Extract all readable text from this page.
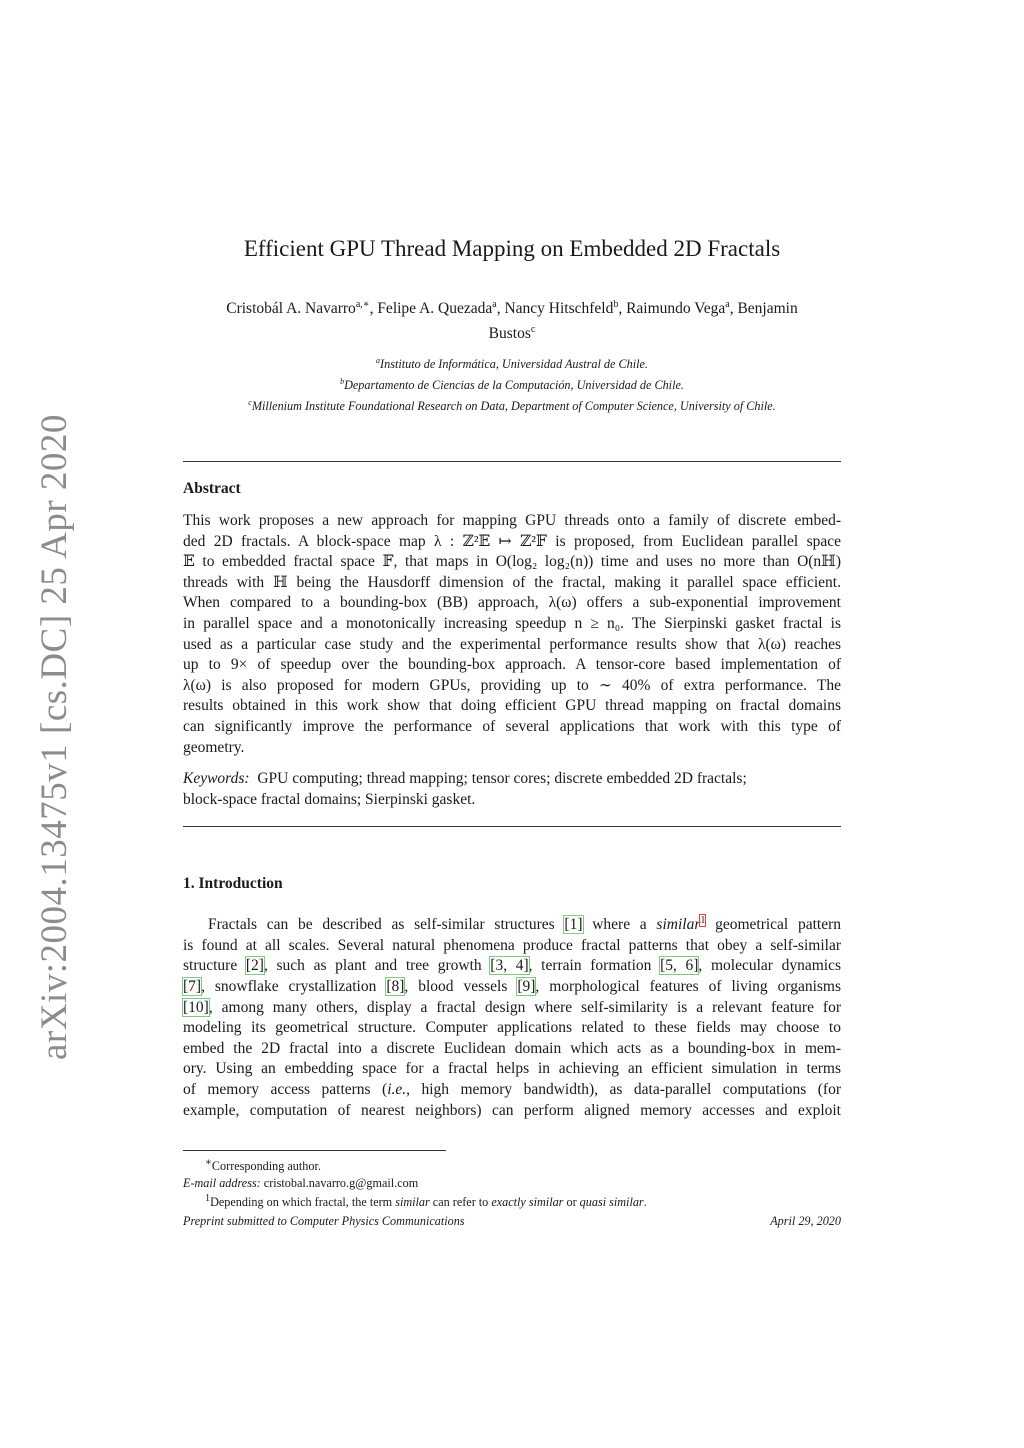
arXiv:2004.13475v1 [cs.DC] 25 Apr 2020
Efficient GPU Thread Mapping on Embedded 2D Fractals
Cristobál A. Navarro$^{a,∗}$, Felipe A. Quezada$^a$, Nancy Hitschfeld$^b$, Raimundo Vega$^a$, Benjamin
Bustos$^c$
$^a$Instituto de Informática, Universidad Austral de Chile.
$^b$Departamento de Ciencias de la Computación, Universidad de Chile.
$^c$Millenium Institute Foundational Research on Data, Department of Computer Science, University of Chile.
Abstract
This work proposes a new approach for mapping GPU threads onto a family of discrete embed-
ded 2D fractals. A block-space map λ : ℤ²𝔼 ↦ ℤ²𝔽 is proposed, from Euclidean parallel space
𝔼 to embedded fractal space 𝔽, that maps in O(log₂ log₂(n)) time and uses no more than O(nℍ)
threads with ℍ being the Hausdorff dimension of the fractal, making it parallel space efficient.
When compared to a bounding-box (BB) approach, λ(ω) offers a sub-exponential improvement
in parallel space and a monotonically increasing speedup n ≥ n₀. The Sierpinski gasket fractal is
used as a particular case study and the experimental performance results show that λ(ω) reaches
up to 9× of speedup over the bounding-box approach. A tensor-core based implementation of
λ(ω) is also proposed for modern GPUs, providing up to ∼ 40% of extra performance. The
results obtained in this work show that doing efficient GPU thread mapping on fractal domains
can significantly improve the performance of several applications that work with this type of
geometry.
Keywords: GPU computing; thread mapping; tensor cores; discrete embedded 2D fractals;
block-space fractal domains; Sierpinski gasket.
1. Introduction
Fractals can be described as self-similar structures [1] where a similar$^1$ geometrical pattern
is found at all scales. Several natural phenomena produce fractal patterns that obey a self-similar
structure [2], such as plant and tree growth [3, 4], terrain formation [5, 6], molecular dynamics
[7], snowflake crystallization [8], blood vessels [9], morphological features of living organisms
[10], among many others, display a fractal design where self-similarity is a relevant feature for
modeling its geometrical structure. Computer applications related to these fields may choose to
embed the 2D fractal into a discrete Euclidean domain which acts as a bounding-box in mem-
ory. Using an embedding space for a fractal helps in achieving an efficient simulation in terms
of memory access patterns (i.e., high memory bandwidth), as data-parallel computations (for
example, computation of nearest neighbors) can perform aligned memory accesses and exploit
∗Corresponding author.
E-mail address: cristobal.navarro.g@gmail.com
$^1$Depending on which fractal, the term similar can refer to exactly similar or quasi similar.
Preprint submitted to Computer Physics Communications	April 29, 2020
